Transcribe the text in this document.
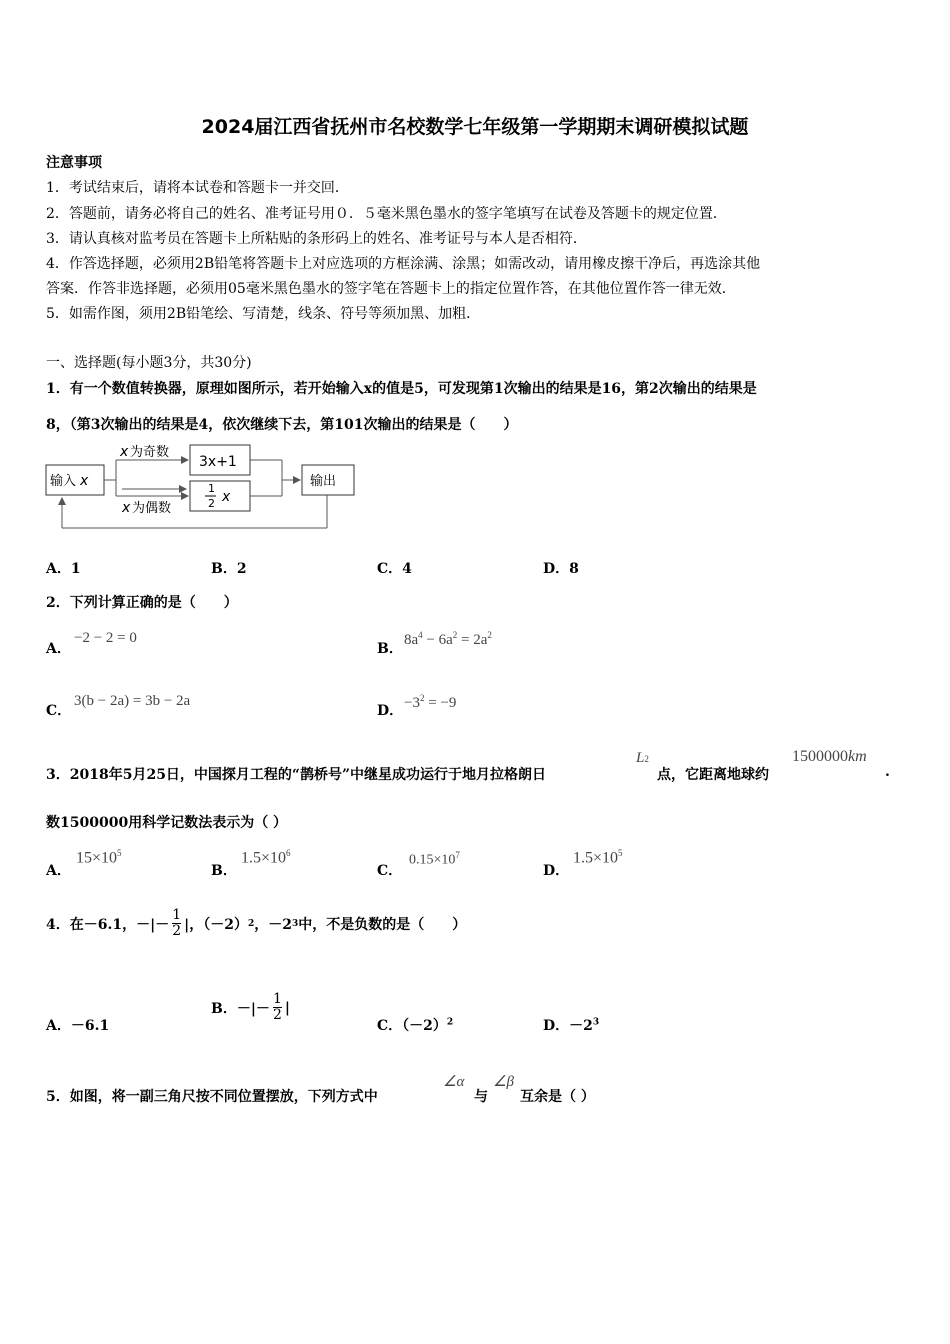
2024届江西省抚州市名校数学七年级第一学期期末调研模拟试题
注意事项
1．考试结束后，请将本试卷和答题卡一并交回．
2．答题前，请务必将自己的姓名、准考证号用０．５毫米黑色墨水的签字笔填写在试卷及答题卡的规定位置．
3．请认真核对监考员在答题卡上所粘贴的条形码上的姓名、准考证号与本人是否相符．
4．作答选择题，必须用2B铅笔将答题卡上对应选项的方框涂满、涂黑；如需改动，请用橡皮擦干净后，再选涂其他
答案．作答非选择题，必须用05毫米黑色墨水的签字笔在答题卡上的指定位置作答，在其他位置作答一律无效．
5．如需作图，须用2B铅笔绘、写清楚，线条、符号等须加黑、加粗．
一、选择题(每小题3分，共30分)
1．有一个数值转换器，原理如图所示，若开始输入x的值是5，可发现第1次输出的结果是16，第2次输出的结果是
8，（第3次输出的结果是4，依次继续下去，第101次输出的结果是（　　）
输入 x
x 为奇数
x 为偶数
3x+1
1
2 x
输出
A．1	B．2	C．4	D．8
2．下列计算正确的是（　　）
A．
−2 − 2 = 0
B．
$8a^4 - 6a^2 = 2a^2$
C．
3(b − 2a) = 3b − 2a
D． $-3^2 = -9$
3．2018年5月25日，中国探月工程的“鹊桥号”中继星成功运行于地月拉格朗日
L2
点，它距离地球约
1500000km
.
数1500000用科学记数法表示为（ ）
A．
$15\times 10^5$
B．
$1.5\times 10^6$
C．
$0.15\times 10^7$
D．
$1.5\times 10^5$
4．在－6.1，－|－ $\frac{1}{2}$ |，（－2） 2 ，－2 3 中，不是负数的是（　　）
A．－6.1
B．－|－ $\frac{1}{2}$ |
C．$(-2)^2$	D．$-2^3$
5．如图，将一副三角尺按不同位置摆放，下列方式中
∠α
与
∠β
互余是（ ）
